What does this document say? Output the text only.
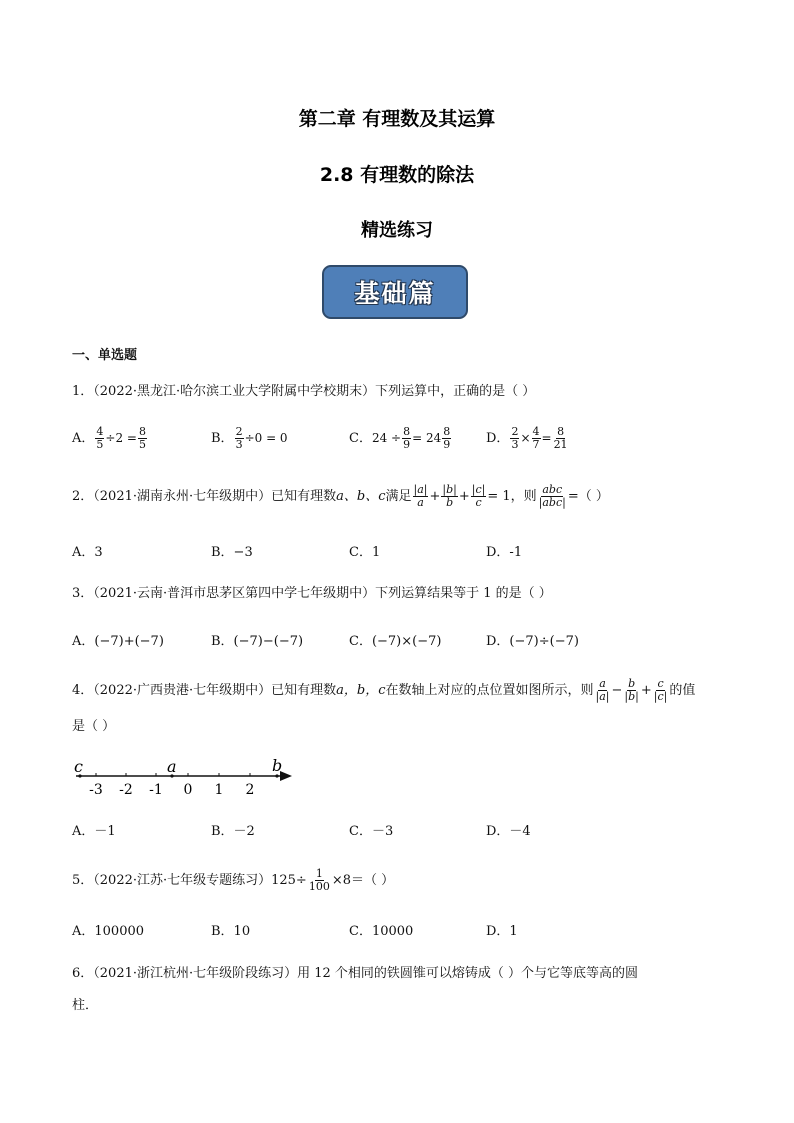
第二章 有理数及其运算
2.8 有理数的除法
精选练习
基础篇
一、单选题
1．（2022·黑龙江·哈尔滨工业大学附属中学校期末）下列运算中，正确的是（ ）
A． $\frac{4}{5} \div 2 = \frac{8}{5}$	B． $\frac{2}{3} \div 0 = 0$	C．$24 \div \frac{8}{9} = 24 \frac{8}{9}$	D． $\frac{2}{3} \times \frac{4}{7} = \frac{8}{21}$
2．（2021·湖南永州·七年级期中）已知有理数a、b、c满足 $\frac{|a|}{a} + \frac{|b|}{b} + \frac{|c|}{c} = 1$，则 $\frac{\text{abc}}{\text{|abc|}}$ =（ ）
A．3	B．−3	C．1	D．-1
3．（2021·云南·普洱市思茅区第四中学七年级期中）下列运算结果等于 1 的是（ ）
A．(−7)+(−7)	B．(−7)−(−7)	C．(−7)×(−7)	D．(−7)÷(−7)
4．（2022·广西贵港·七年级期中）已知有理数a，b，c在数轴上对应的点位置如图所示，则 $\frac{a}{|a|} - \frac{b}{|b|} + \frac{c}{|c|}$ 的值
是（ ）
c	a	b
-3 -2 -1 0 1 2
A．－1	B．－2	C．－3	D．－4
5．（2022·江苏·七年级专题练习）$125\div \frac{1}{100} \times 8=$（ ）
A．100000	B．10	C．10000	D．1
6．（2021·浙江杭州·七年级阶段练习）用 12 个相同的铁圆锥可以熔铸成（ ）个与它等底等高的圆
柱．
